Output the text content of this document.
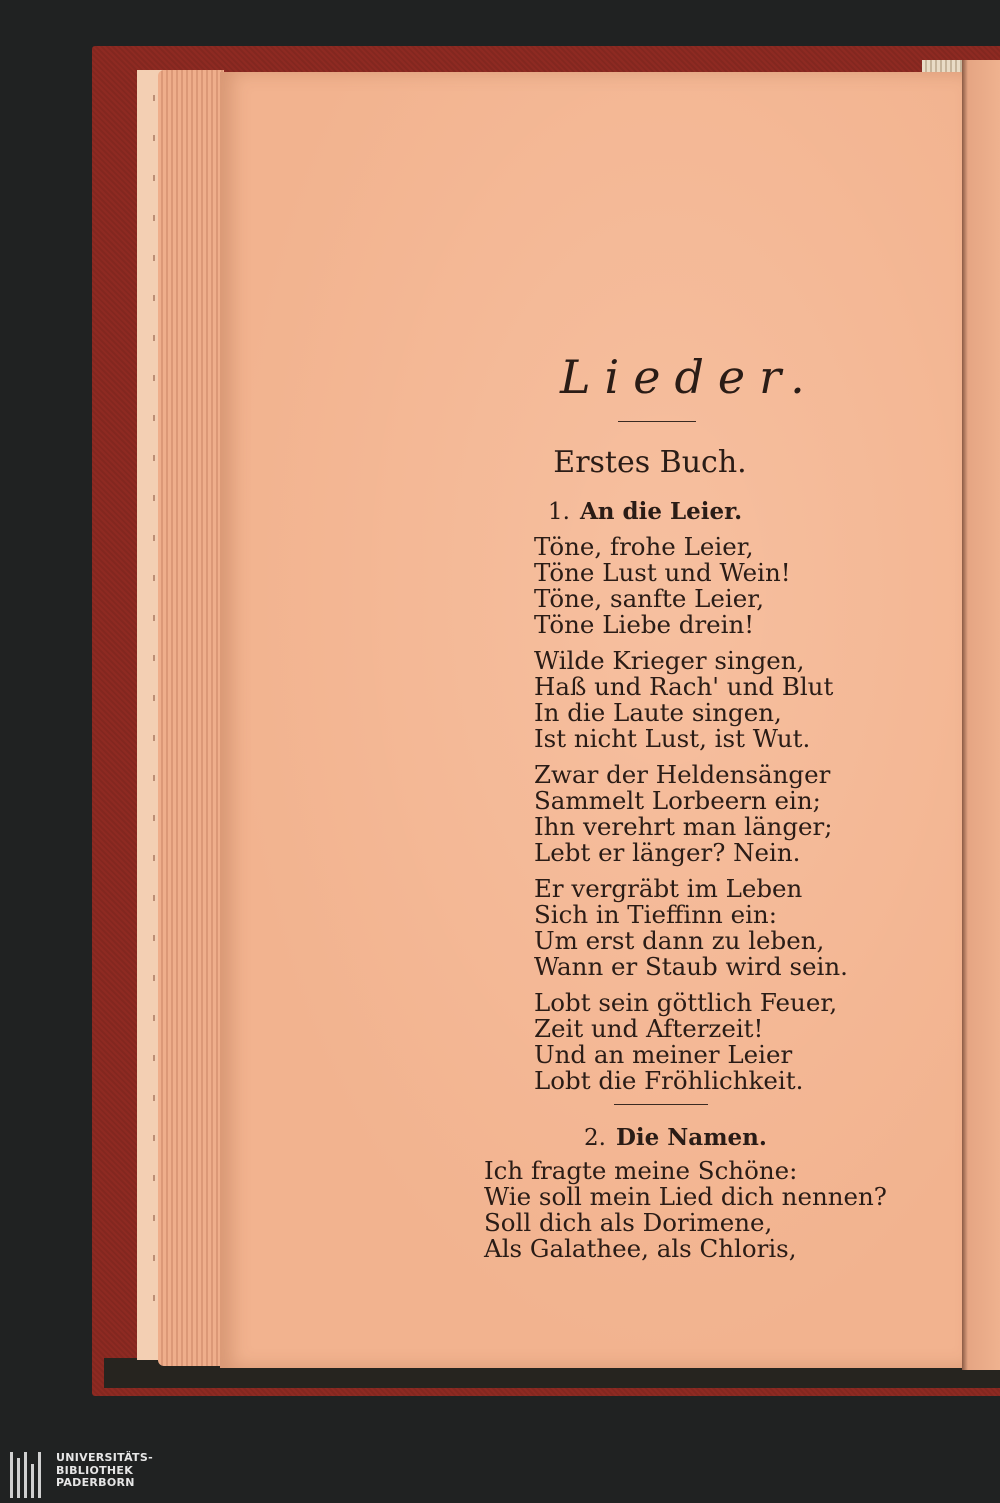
Lieder.
Erstes Buch.
1. An die Leier.
Töne, frohe Leier,
Töne Lust und Wein!
Töne, sanfte Leier,
Töne Liebe drein!
Wilde Krieger singen,
Haß und Rach' und Blut
In die Laute singen,
Ist nicht Lust, ist Wut.
Zwar der Heldensänger
Sammelt Lorbeern ein;
Ihn verehrt man länger;
Lebt er länger? Nein.
Er vergräbt im Leben
Sich in Tieffinn ein:
Um erst dann zu leben,
Wann er Staub wird sein.
Lobt sein göttlich Feuer,
Zeit und Afterzeit!
Und an meiner Leier
Lobt die Fröhlichkeit.
2. Die Namen.
Ich fragte meine Schöne:
Wie soll mein Lied dich nennen?
Soll dich als Dorimene,
Als Galathee, als Chloris,
UNIVERSITÄTS-
BIBLIOTHEK
PADERBORN
